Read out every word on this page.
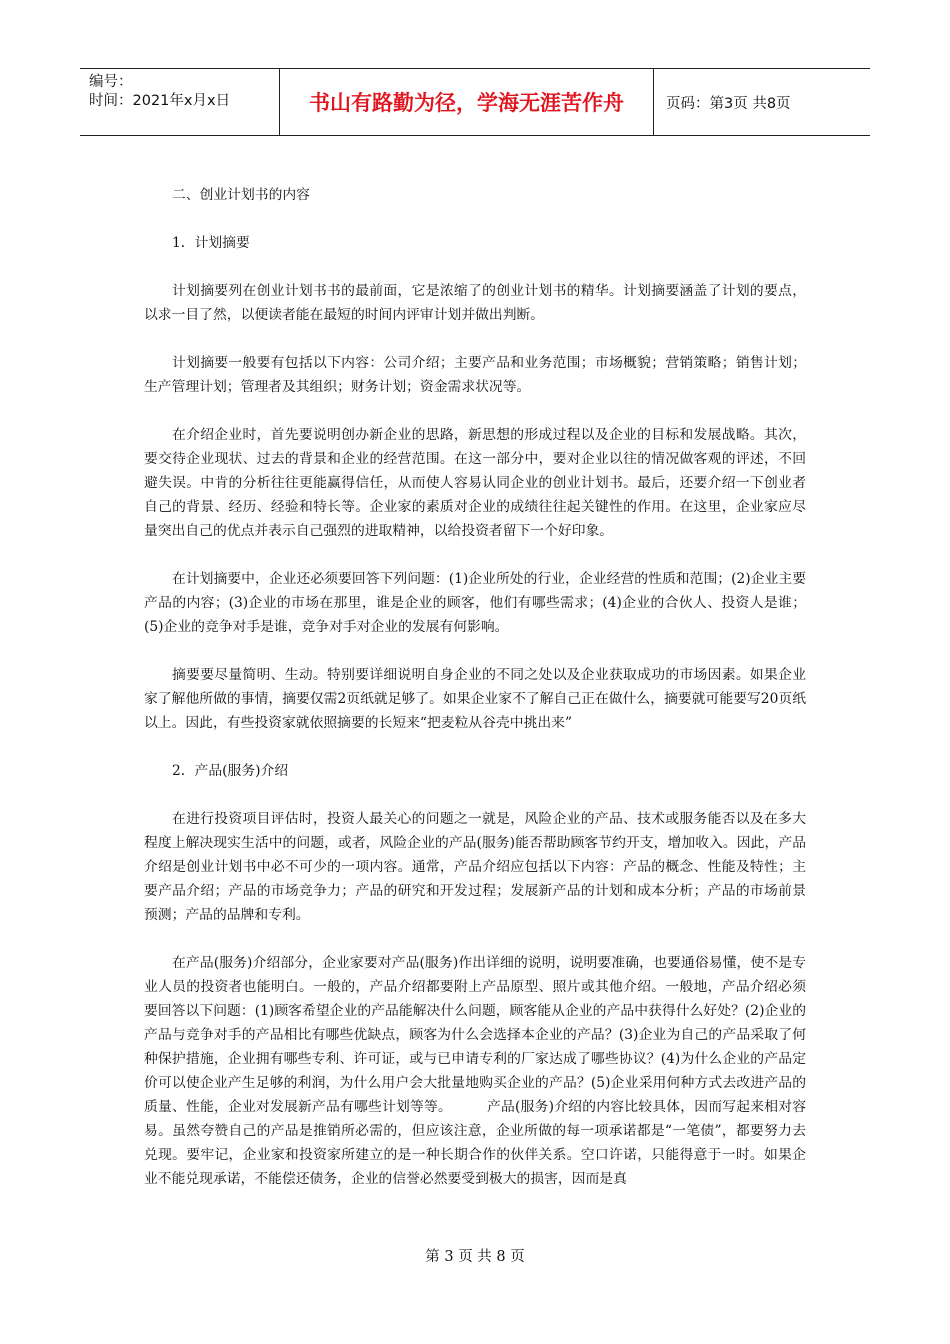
编号：
时间：2021年x月x日	书山有路勤为径，学海无涯苦作舟	页码：第3页 共8页

二、创业计划书的内容

1．计划摘要

计划摘要列在创业计划书书的最前面，它是浓缩了的创业计划书的精华。计划摘要涵盖了计划的要点，以求一目了然，以便读者能在最短的时间内评审计划并做出判断。

计划摘要一般要有包括以下内容：公司介绍；主要产品和业务范围；市场概貌；营销策略；销售计划；生产管理计划；管理者及其组织；财务计划；资金需求状况等。

在介绍企业时，首先要说明创办新企业的思路，新思想的形成过程以及企业的目标和发展战略。其次，要交待企业现状、过去的背景和企业的经营范围。在这一部分中，要对企业以往的情况做客观的评述，不回避失误。中肯的分析往往更能赢得信任，从而使人容易认同企业的创业计划书。最后，还要介绍一下创业者自己的背景、经历、经验和特长等。企业家的素质对企业的成绩往往起关键性的作用。在这里，企业家应尽量突出自己的优点并表示自己强烈的进取精神，以给投资者留下一个好印象。

在计划摘要中，企业还必须要回答下列问题：(1)企业所处的行业，企业经营的性质和范围；(2)企业主要产品的内容；(3)企业的市场在那里，谁是企业的顾客，他们有哪些需求；(4)企业的合伙人、投资人是谁；(5)企业的竞争对手是谁，竞争对手对企业的发展有何影响。

摘要要尽量简明、生动。特别要详细说明自身企业的不同之处以及企业获取成功的市场因素。如果企业家了解他所做的事情，摘要仅需2页纸就足够了。如果企业家不了解自己正在做什么，摘要就可能要写20页纸以上。因此，有些投资家就依照摘要的长短来“把麦粒从谷壳中挑出来”

2．产品(服务)介绍

在进行投资项目评估时，投资人最关心的问题之一就是，风险企业的产品、技术或服务能否以及在多大程度上解决现实生活中的问题，或者，风险企业的产品(服务)能否帮助顾客节约开支，增加收入。因此，产品介绍是创业计划书中必不可少的一项内容。通常，产品介绍应包括以下内容：产品的概念、性能及特性；主要产品介绍；产品的市场竞争力；产品的研究和开发过程；发展新产品的计划和成本分析；产品的市场前景预测；产品的品牌和专利。

在产品(服务)介绍部分，企业家要对产品(服务)作出详细的说明，说明要准确，也要通俗易懂，使不是专业人员的投资者也能明白。一般的，产品介绍都要附上产品原型、照片或其他介绍。一般地，产品介绍必须要回答以下问题：(1)顾客希望企业的产品能解决什么问题，顾客能从企业的产品中获得什么好处？(2)企业的产品与竞争对手的产品相比有哪些优缺点，顾客为什么会选择本企业的产品？(3)企业为自己的产品采取了何种保护措施，企业拥有哪些专利、许可证，或与已申请专利的厂家达成了哪些协议？(4)为什么企业的产品定价可以使企业产生足够的利润，为什么用户会大批量地购买企业的产品？(5)企业采用何种方式去改进产品的质量、性能，企业对发展新产品有哪些计划等等。　　　产品(服务)介绍的内容比较具体，因而写起来相对容易。虽然夸赞自己的产品是推销所必需的，但应该注意，企业所做的每一项承诺都是“一笔债”，都要努力去兑现。要牢记，企业家和投资家所建立的是一种长期合作的伙伴关系。空口许诺，只能得意于一时。如果企业不能兑现承诺，不能偿还债务，企业的信誉必然要受到极大的损害，因而是真

第 3 页 共 8 页
